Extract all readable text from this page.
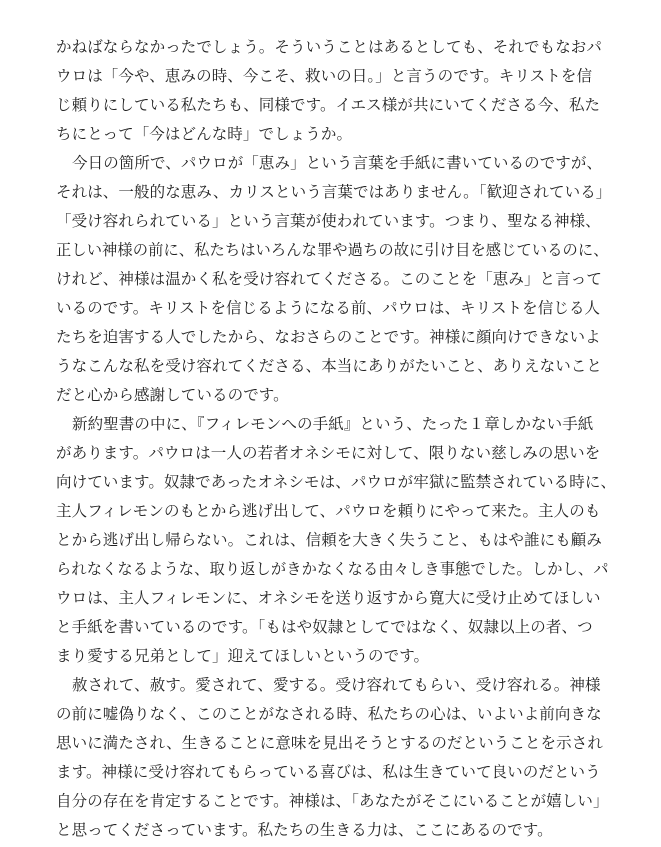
かねばならなかったでしょう。そういうことはあるとしても、それでもなおパ
ウロは「今や、恵みの時、今こそ、救いの日。」と言うのです。キリストを信
じ頼りにしている私たちも、同様です。イエス様が共にいてくださる今、私た
ちにとって「今はどんな時」でしょうか。
今日の箇所で、パウロが「恵み」という言葉を手紙に書いているのですが、
それは、一般的な恵み、カリスという言葉ではありません。「歓迎されている」
「受け容れられている」という言葉が使われています。つまり、聖なる神様、
正しい神様の前に、私たちはいろんな罪や過ちの故に引け目を感じているのに、
けれど、神様は温かく私を受け容れてくださる。このことを「恵み」と言って
いるのです。キリストを信じるようになる前、パウロは、キリストを信じる人
たちを迫害する人でしたから、なおさらのことです。神様に顔向けできないよ
うなこんな私を受け容れてくださる、本当にありがたいこと、ありえないこと
だと心から感謝しているのです。
新約聖書の中に、『フィレモンへの手紙』という、たった１章しかない手紙
があります。パウロは一人の若者オネシモに対して、限りない慈しみの思いを
向けています。奴隷であったオネシモは、パウロが牢獄に監禁されている時に、
主人フィレモンのもとから逃げ出して、パウロを頼りにやって来た。主人のも
とから逃げ出し帰らない。これは、信頼を大きく失うこと、もはや誰にも顧み
られなくなるような、取り返しがきかなくなる由々しき事態でした。しかし、パ
ウロは、主人フィレモンに、オネシモを送り返すから寛大に受け止めてほしい
と手紙を書いているのです。「もはや奴隷としてではなく、奴隷以上の者、つ
まり愛する兄弟として」迎えてほしいというのです。
赦されて、赦す。愛されて、愛する。受け容れてもらい、受け容れる。神様
の前に嘘偽りなく、このことがなされる時、私たちの心は、いよいよ前向きな
思いに満たされ、生きることに意味を見出そうとするのだということを示され
ます。神様に受け容れてもらっている喜びは、私は生きていて良いのだという
自分の存在を肯定することです。神様は、「あなたがそこにいることが嬉しい」
と思ってくださっています。私たちの生きる力は、ここにあるのです。
